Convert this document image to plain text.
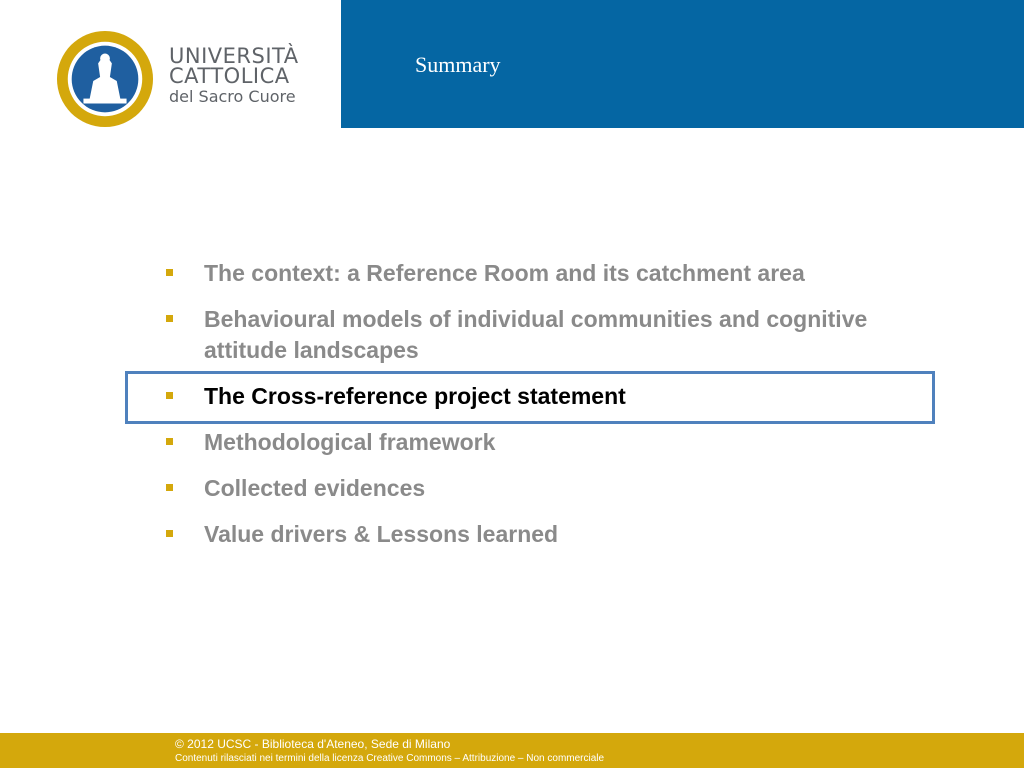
UNIVERSITÀ
CATTOLICA
del Sacro Cuore
Summary
The context: a Reference Room and its catchment area
Behavioural models of individual communities and cognitive attitude landscapes
The Cross-reference project statement
Methodological framework
Collected evidences
Value drivers & Lessons learned
© 2012 UCSC - Biblioteca d'Ateneo, Sede di Milano
Contenuti rilasciati nei termini della licenza Creative Commons – Attribuzione – Non commerciale
